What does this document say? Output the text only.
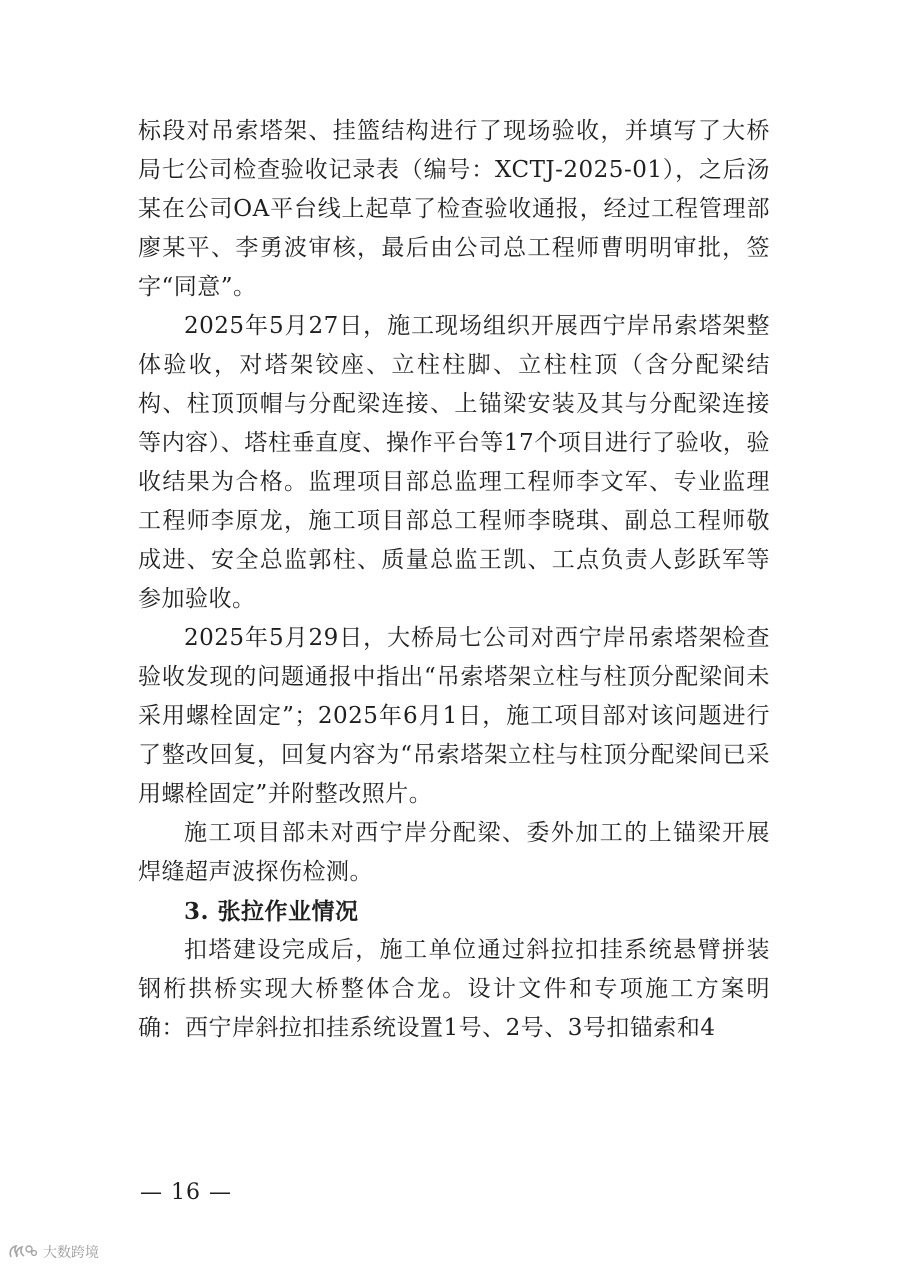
标段对吊索塔架、挂篮结构进行了现场验收，并填写了大桥局七公司检查验收记录表（编号：XCTJ-2025-01），之后汤某在公司OA平台线上起草了检查验收通报，经过工程管理部廖某平、李勇波审核，最后由公司总工程师曹明明审批，签字“同意”。

2025年5月27日，施工现场组织开展西宁岸吊索塔架整体验收，对塔架铰座、立柱柱脚、立柱柱顶（含分配梁结构、柱顶顶帽与分配梁连接、上锚梁安装及其与分配梁连接等内容）、塔柱垂直度、操作平台等17个项目进行了验收，验收结果为合格。监理项目部总监理工程师李文军、专业监理工程师李原龙，施工项目部总工程师李晓琪、副总工程师敬成进、安全总监郭柱、质量总监王凯、工点负责人彭跃军等参加验收。

2025年5月29日，大桥局七公司对西宁岸吊索塔架检查验收发现的问题通报中指出“吊索塔架立柱与柱顶分配梁间未采用螺栓固定”；2025年6月1日，施工项目部对该问题进行了整改回复，回复内容为“吊索塔架立柱与柱顶分配梁间已采用螺栓固定”并附整改照片。

施工项目部未对西宁岸分配梁、委外加工的上锚梁开展焊缝超声波探伤检测。

3. 张拉作业情况

扣塔建设完成后，施工单位通过斜拉扣挂系统悬臂拼装钢桁拱桥实现大桥整体合龙。设计文件和专项施工方案明确：西宁岸斜拉扣挂系统设置1号、2号、3号扣锚索和4

— 16 —
大数跨境
